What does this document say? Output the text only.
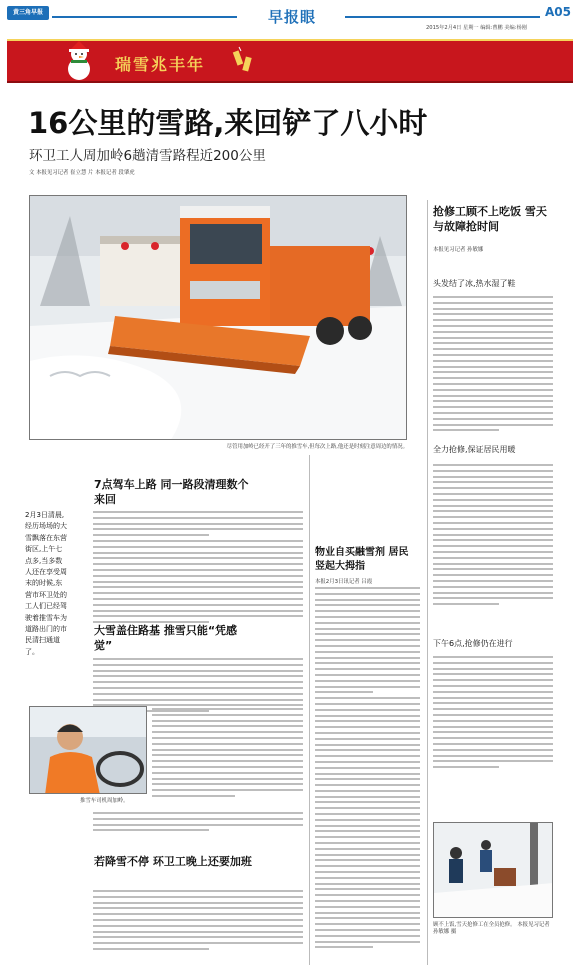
黄三角早报	早报眼	A05
2015年2月4日 星期一 编辑:曹鹏 美编:杨刚
瑞雪兆丰年
16公里的雪路,来回铲了八小时
环卫工人周加岭6趟清雪路程近200公里
文 本报见习记者 崔立慧 片 本报记者 段肇虎
尽管用加岭已经开了三年的推雪车,但每次上路,他还是时刻注意周边的情况。
2月3日清晨,经历场场的大雪飘落在东营街区,上午七点多,当多数人还在享受周末的时候,东营市环卫处的工人们已经驾驶着推雪车为道路出门的市民清扫通道了。
7点驾车上路 同一路段清理数个来回
大雪盖住路基 推雪只能“凭感觉”
推雪车司机周加岭。
若降雪不停 环卫工晚上还要加班
物业自买融雪剂 居民竖起大拇指
本报2月3日讯记者 吕霞
抢修工顾不上吃饭 雪天与故障抢时间
本报见习记者 孙敏娜
头发结了冰,热水湿了鞋
全力抢修,保证居民用暖
下午6点,抢修仍在进行
顾不上饭,雪天抢修工在全员抢修。 本报见习记者 孙敏娜 摄
